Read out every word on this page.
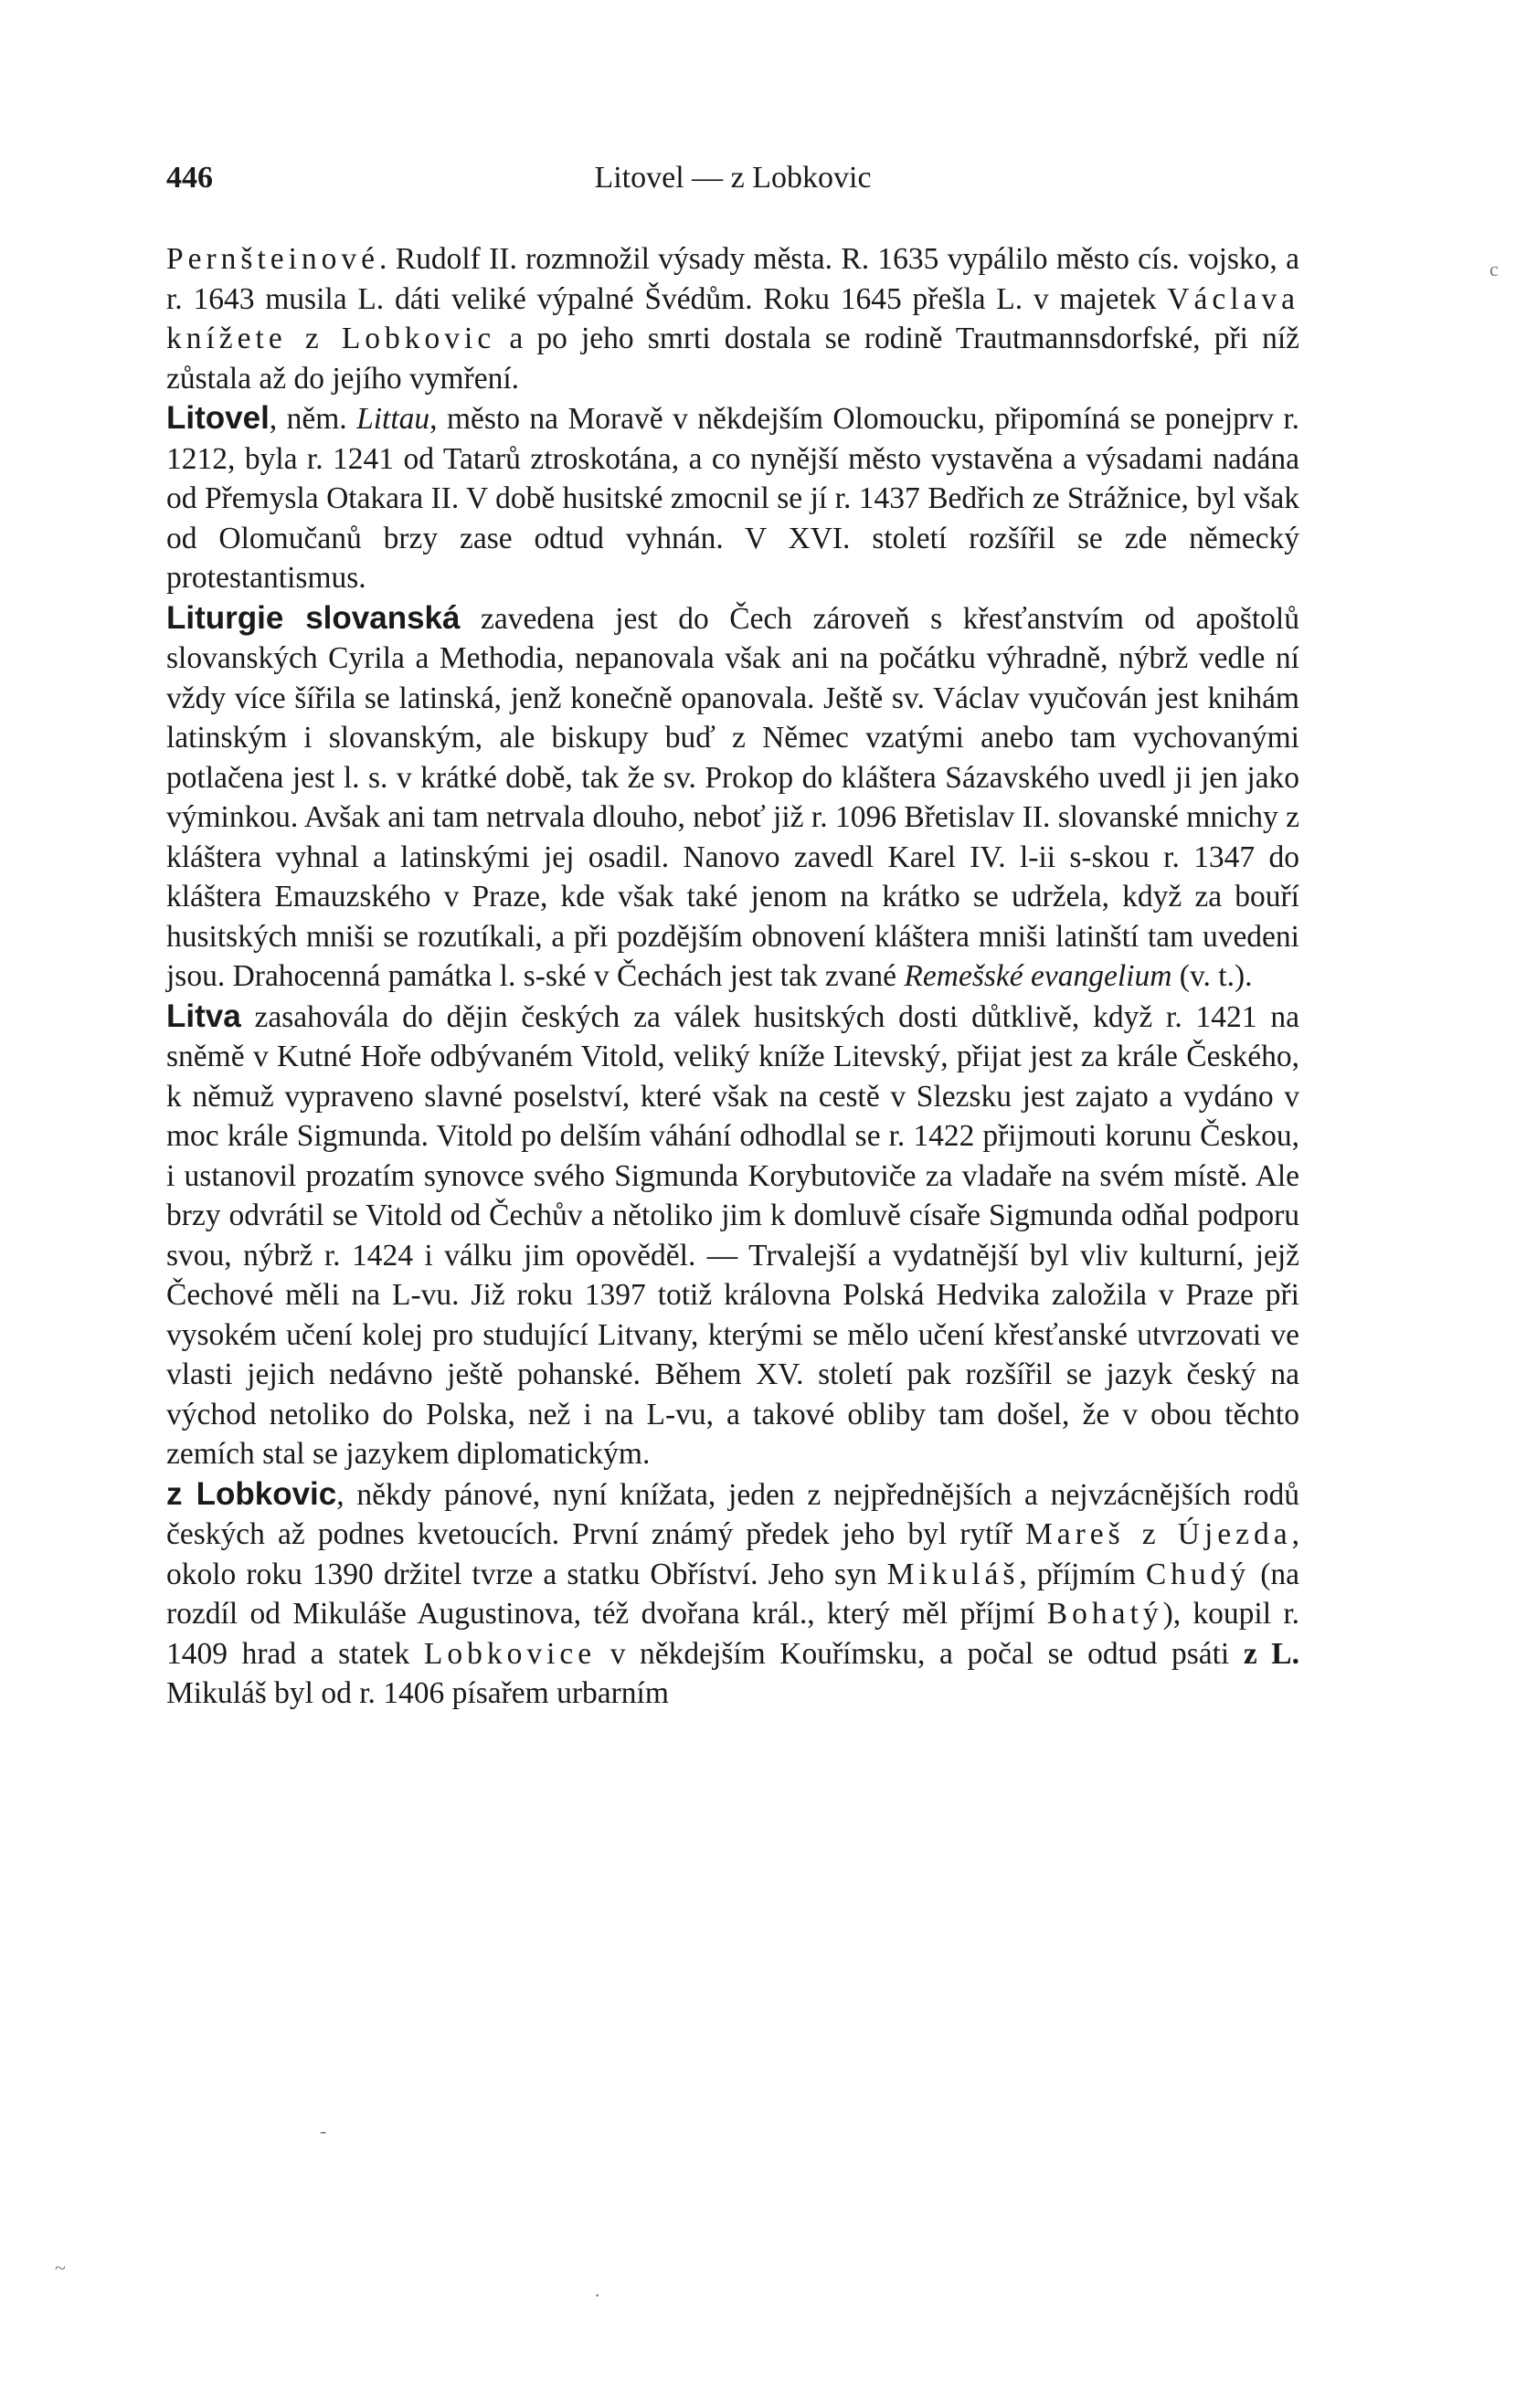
446	Litovel — z Lobkovic
c

Pernšteinové. Rudolf II. rozmnožil výsady města. R. 1635 vypálilo město cís. vojsko, a r. 1643 musila L. dáti veliké výpalné Švédům. Roku 1645 přešla L. v majetek Václava knížete z Lobkovic a po jeho smrti dostala se rodině Trautmannsdorfské, při níž zůstala až do jejího vymření.

Litovel, něm. Littau, město na Moravě v někdejším Olomoucku, připomíná se ponejprv r. 1212, byla r. 1241 od Tatarů ztroskotána, a co nynější město vystavěna a výsadami nadána od Přemysla Otakara II. V době husitské zmocnil se jí r. 1437 Bedřich ze Strážnice, byl však od Olomučanů brzy zase odtud vyhnán. V XVI. století rozšířil se zde německý protestantismus.

Liturgie slovanská zavedena jest do Čech zároveň s křesťanstvím od apoštolů slovanských Cyrila a Methodia, nepanovala však ani na počátku výhradně, nýbrž vedle ní vždy více šířila se latinská, jenž konečně opanovala. Ještě sv. Václav vyučován jest knihám latinským i slovanským, ale biskupy buď z Němec vzatými anebo tam vychovanými potlačena jest l. s. v krátké době, tak že sv. Prokop do kláštera Sázavského uvedl ji jen jako výminkou. Avšak ani tam netrvala dlouho, neboť již r. 1096 Břetislav II. slovanské mnichy z kláštera vyhnal a latinskými jej osadil. Nanovo zavedl Karel IV. l-ii s-skou r. 1347 do kláštera Emauzského v Praze, kde však také jenom na krátko se udržela, když za bouří husitských mniši se rozutíkali, a při pozdějším obnovení kláštera mniši latinští tam uvedeni jsou. Drahocenná památka l. s-ské v Čechách jest tak zvané Remešské evangelium (v. t.).

Litva zasahovála do dějin českých za válek husitských dosti důtklivě, když r. 1421 na sněmě v Kutné Hoře odbývaném Vitold, veliký kníže Litevský, přijat jest za krále Českého, k němuž vypraveno slavné poselství, které však na cestě v Slezsku jest zajato a vydáno v moc krále Sigmunda. Vitold po delším váhání odhodlal se r. 1422 přijmouti korunu Českou, i ustanovil prozatím synovce svého Sigmunda Korybutoviče za vladaře na svém místě. Ale brzy odvrátil se Vitold od Čechův a nětoliko jim k domluvě císaře Sigmunda odňal podporu svou, nýbrž r. 1424 i válku jim opověděl. — Trvalejší a vydatnější byl vliv kulturní, jejž Čechové měli na L-vu. Již roku 1397 totiž královna Polská Hedvika založila v Praze při vysokém učení kolej pro studující Litvany, kterými se mělo učení křesťanské utvrzovati ve vlasti jejich nedávno ještě pohanské. Během XV. století pak rozšířil se jazyk český na východ netoliko do Polska, než i na L-vu, a takové obliby tam došel, že v obou těchto zemích stal se jazykem diplomatickým.

z Lobkovic, někdy pánové, nyní knížata, jeden z nejpřednějších a nejvzácnějších rodů českých až podnes kvetoucích. První známý předek jeho byl rytíř Mareš z Újezda, okolo roku 1390 držitel tvrze a statku Obříství. Jeho syn Mikuláš, příjmím Chudý (na rozdíl od Mikuláše Augustinova, též dvořana král., který měl příjmí Bohatý), koupil r. 1409 hrad a statek Lobkovice v někdejším Kouřímsku, a počal se odtud psáti z L. Mikuláš byl od r. 1406 písařem urbarním

-
~
·
